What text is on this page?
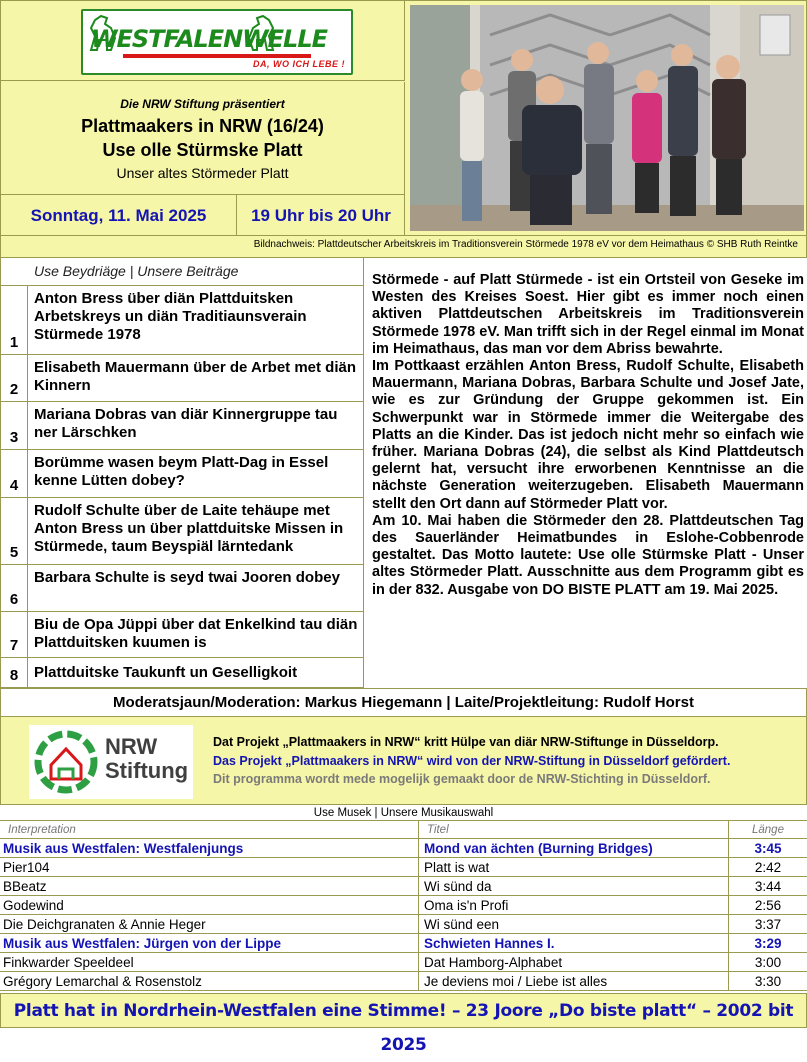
WESTFALENWELLE
DA, WO ICH LEBE !
Die NRW Stiftung präsentiert
Plattmaakers in NRW (16/24)
Use olle Stürmske Platt
Unser altes Störmeder Platt
Sonntag, 11. Mai 2025	19 Uhr bis 20 Uhr
Bildnachweis: Plattdeutscher Arbeitskreis im Traditionsverein Störmede 1978 eV vor dem Heimathaus © SHB Ruth Reintke
Use Beydriäge | Unsere Beiträge
1
Anton Bress über diän Plattduitsken Arbetskreys un diän Traditiaunsverain Stürmede 1978
2
Elisabeth Mauermann über de Arbet met diän Kinnern
3
Mariana Dobras van diär Kinnergruppe tau ner Lärschken
4
Borümme wasen beym Platt-Dag in Essel kenne Lütten dobey?
5
Rudolf Schulte über de Laite tehäupe met Anton Bress un über plattduitske Missen in Stürmede, taum Beyspiäl lärntedank
6
Barbara Schulte is seyd twai Jooren dobey
7
Biu de Opa Jüppi über dat Enkelkind tau diän Plattduitsken kuumen is
8	Plattduitske Taukunft un Geselligkoit

Störmede - auf Platt Stürmede - ist ein Ortsteil von Geseke im Westen des Kreises Soest. Hier gibt es immer noch einen aktiven Plattdeutschen Arbeitskreis im Traditionsverein Störmede 1978 eV. Man trifft sich in der Regel einmal im Monat im Heimathaus, das man vor dem Abriss bewahrte.

Im Pottkaast erzählen Anton Bress, Rudolf Schulte, Elisabeth Mauermann, Mariana Dobras, Barbara Schulte und Josef Jate, wie es zur Gründung der Gruppe gekommen ist. Ein Schwerpunkt war in Störmede immer die Weitergabe des Platts an die Kinder. Das ist jedoch nicht mehr so einfach wie früher. Mariana Dobras (24), die selbst als Kind Plattdeutsch gelernt hat, versucht ihre erworbenen Kenntnisse an die nächste Generation weiterzugeben. Elisabeth Mauermann stellt den Ort dann auf Störmeder Platt vor.

Am 10. Mai haben die Störmeder den 28. Plattdeutschen Tag des Sauerländer Heimatbundes in Eslohe-Cobbenrode gestaltet. Das Motto lautete: Use olle Stürmske Platt - Unser altes Störmeder Platt. Ausschnitte aus dem Programm gibt es in der 832. Ausgabe von DO BISTE PLATT am 19. Mai 2025.

Moderatsjaun/Moderation: Markus Hiegemann | Laite/Projektleitung: Rudolf Horst
NRW
Stiftung
Dat Projekt „Plattmaakers in NRW“ kritt Hülpe van diär NRW-Stiftunge in Düsseldorp.
Das Projekt „Plattmaakers in NRW“ wird von der NRW-Stiftung in Düsseldorf gefördert.
Dit programma wordt mede mogelijk gemaakt door de NRW-Stichting in Düsseldorf.
Use Musek | Unsere Musikauswahl
Interpretation	Titel	Länge
Musik aus Westfalen: Westfalenjungs	Mond van ächten (Burning Bridges)	3:45
Pier104	Platt is wat	2:42
BBeatz	Wi sünd da	3:44
Godewind	Oma is'n Profi	2:56
Die Deichgranaten & Annie Heger	Wi sünd een	3:37
Musik aus Westfalen: Jürgen von der Lippe	Schwieten Hannes I.	3:29
Finkwarder Speeldeel	Dat Hamborg-Alphabet	3:00
Grégory Lemarchal & Rosenstolz	Je deviens moi / Liebe ist alles	3:30
Platt hat in Nordrhein-Westfalen eine Stimme! – 23 Joore „Do biste platt“ – 2002 bit 2025
